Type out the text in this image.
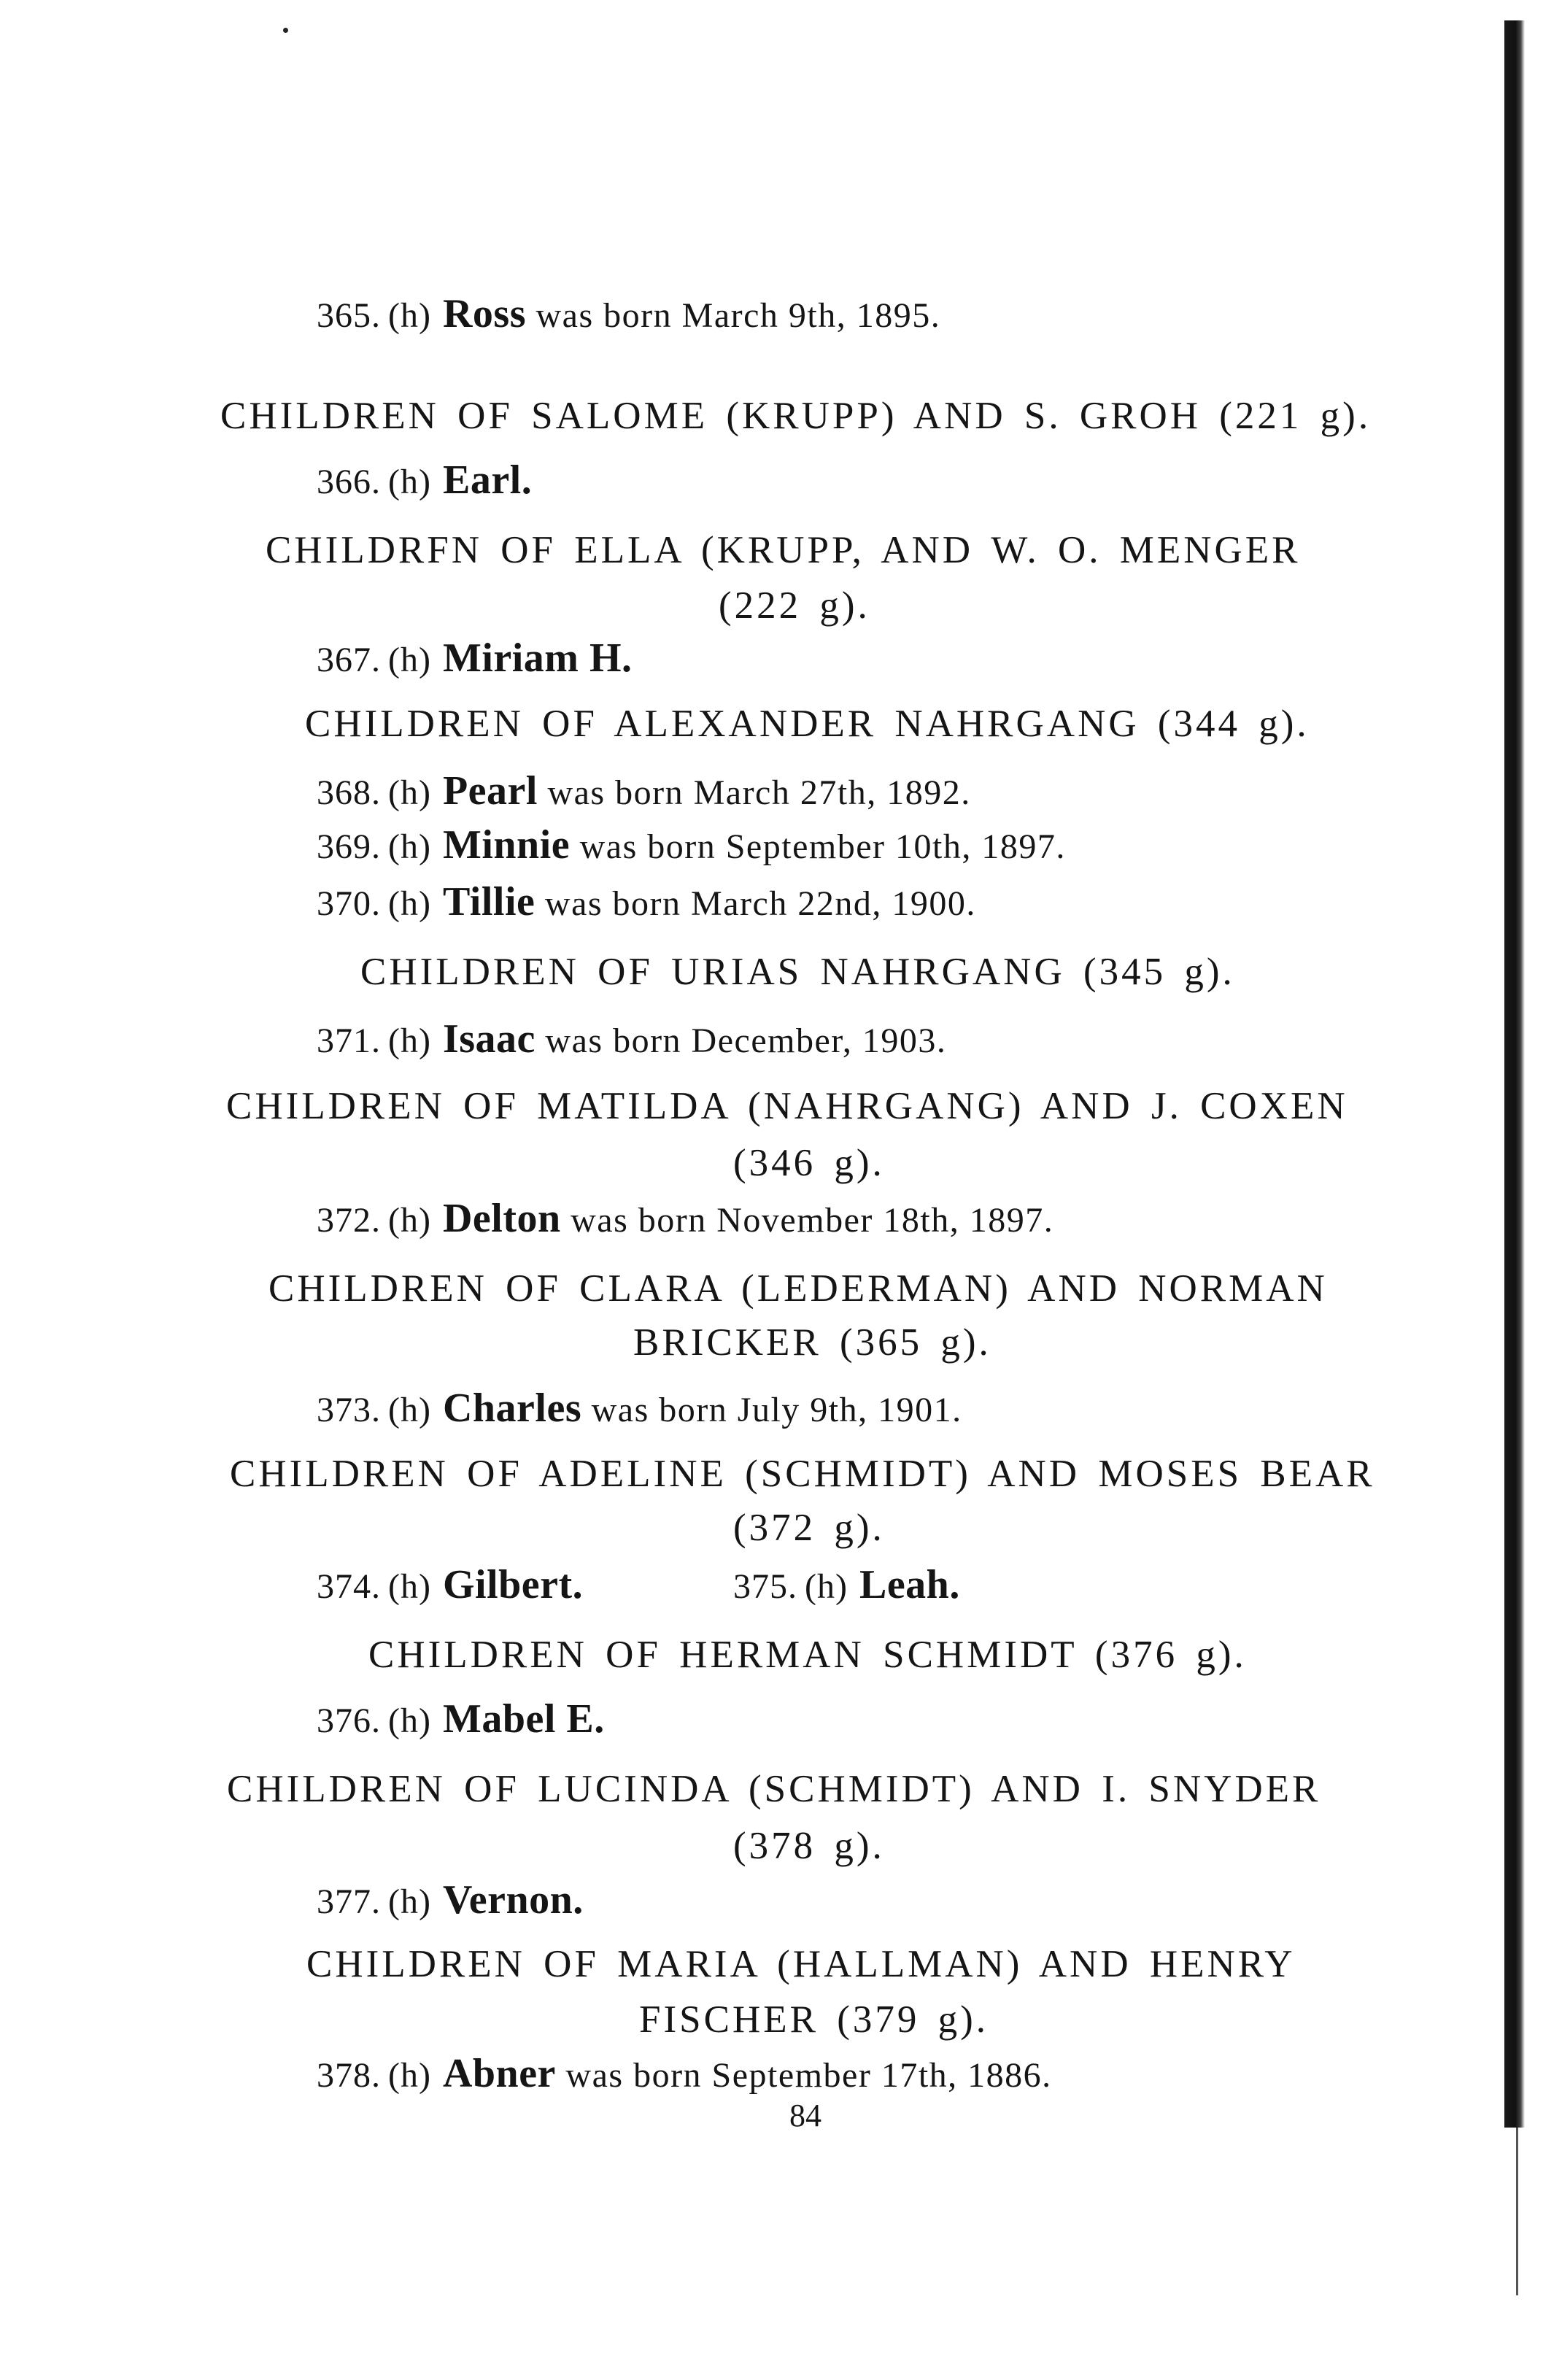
365. (h) Ross was born March 9th, 1895.
CHILDREN OF SALOME (KRUPP) AND S. GROH (221 g).
366. (h) Earl.
CHILDRFN OF ELLA (KRUPP, AND W. O. MENGER
(222 g).
367. (h) Miriam H.
CHILDREN OF ALEXANDER NAHRGANG (344 g).
368. (h) Pearl was born March 27th, 1892.
369. (h) Minnie was born September 10th, 1897.
370. (h) Tillie was born March 22nd, 1900.
CHILDREN OF URIAS NAHRGANG (345 g).
371. (h) Isaac was born December, 1903.
CHILDREN OF MATILDA (NAHRGANG) AND J. COXEN
(346 g).
372. (h) Delton was born November 18th, 1897.
CHILDREN OF CLARA (LEDERMAN) AND NORMAN
BRICKER (365 g).
373. (h) Charles was born July 9th, 1901.
CHILDREN OF ADELINE (SCHMIDT) AND MOSES BEAR
(372 g).
374. (h) Gilbert.	375. (h) Leah.
CHILDREN OF HERMAN SCHMIDT (376 g).
376. (h) Mabel E.
CHILDREN OF LUCINDA (SCHMIDT) AND I. SNYDER
(378 g).
377. (h) Vernon.
CHILDREN OF MARIA (HALLMAN) AND HENRY
FISCHER (379 g).
378. (h) Abner was born September 17th, 1886.
84
